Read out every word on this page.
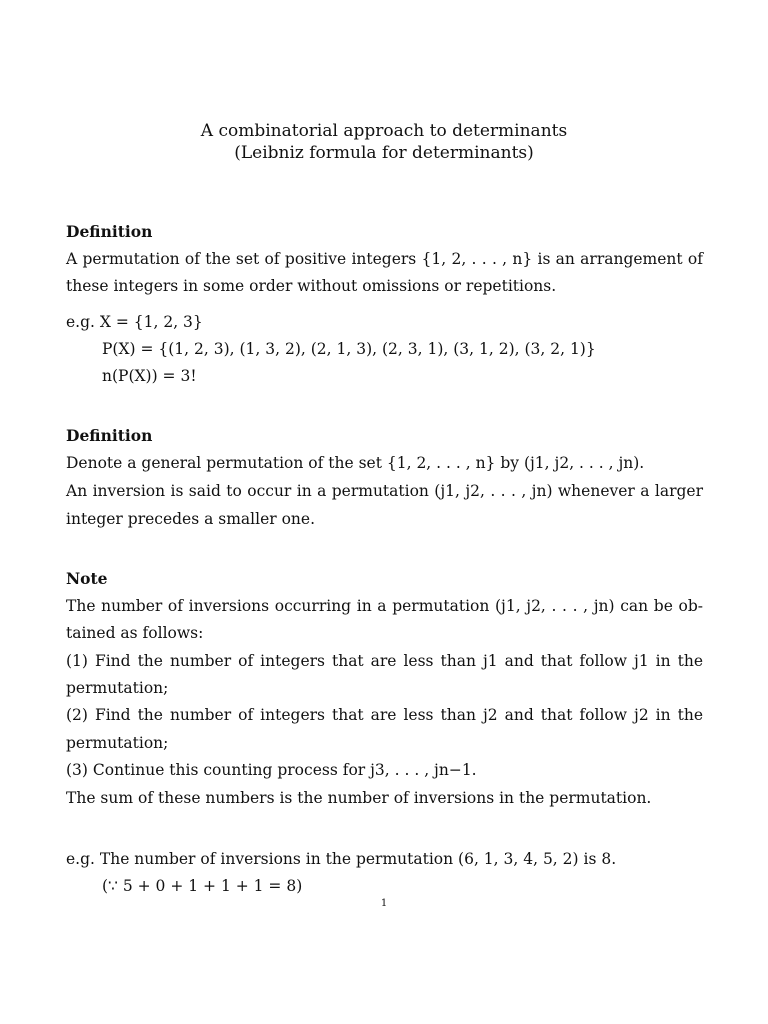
A combinatorial approach to determinants
(Leibniz formula for determinants)
Definition
A permutation of the set of positive integers {1, 2, . . . , n} is an arrangement of
these integers in some order without omissions or repetitions.
e.g. X = {1, 2, 3}
P(X) = {(1, 2, 3), (1, 3, 2), (2, 1, 3), (2, 3, 1), (3, 1, 2), (3, 2, 1)}
n(P(X)) = 3!
Definition
Denote a general permutation of the set {1, 2, . . . , n} by (j1, j2, . . . , jn).
An inversion is said to occur in a permutation (j1, j2, . . . , jn) whenever a larger
integer precedes a smaller one.
Note
The number of inversions occurring in a permutation (j1, j2, . . . , jn) can be ob-
tained as follows:
(1) Find the number of integers that are less than j1 and that follow j1 in the
permutation;
(2) Find the number of integers that are less than j2 and that follow j2 in the
permutation;
(3) Continue this counting process for j3, . . . , jn−1.
The sum of these numbers is the number of inversions in the permutation.
e.g. The number of inversions in the permutation (6, 1, 3, 4, 5, 2) is 8.
(∵ 5 + 0 + 1 + 1 + 1 = 8)
1
